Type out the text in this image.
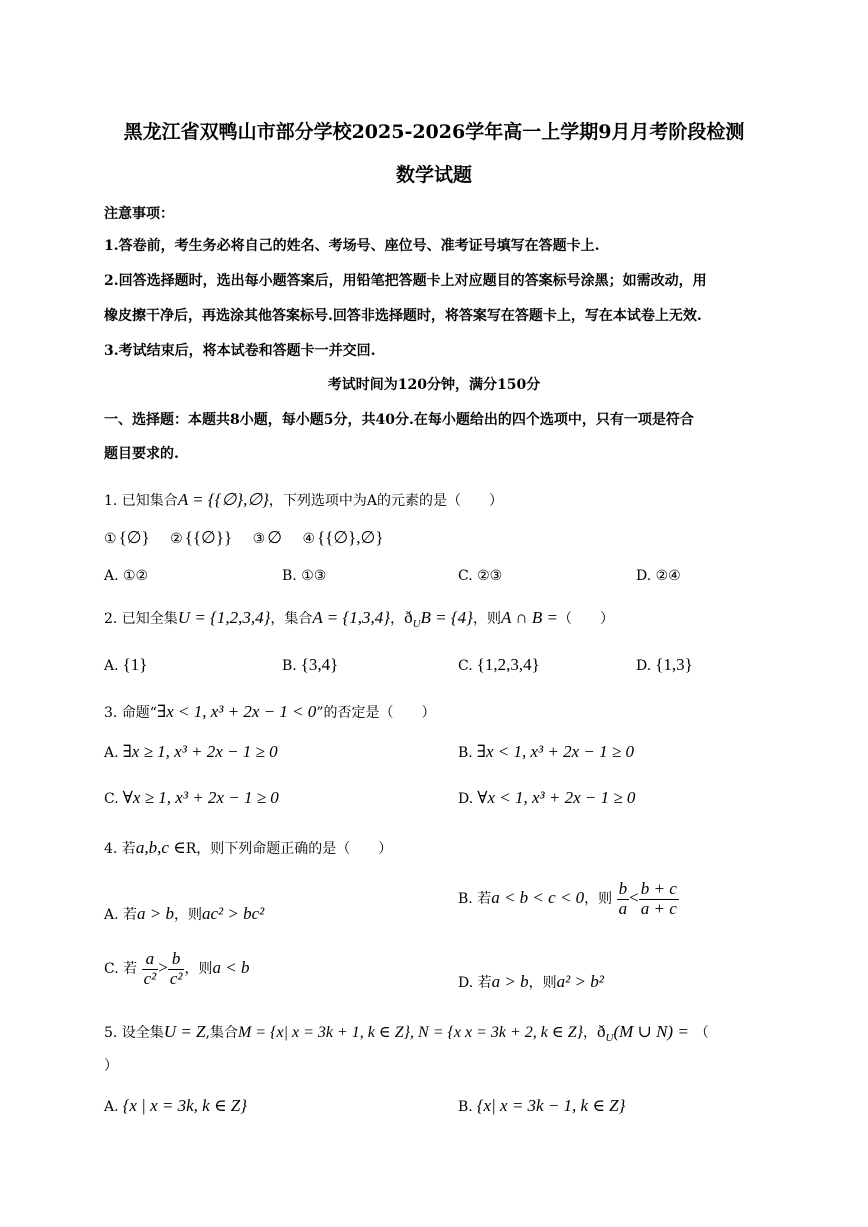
黑龙江省双鸭山市部分学校2025-2026学年高一上学期9月月考阶段检测
数学试题
注意事项：
1.答卷前，考生务必将自己的姓名、考场号、座位号、准考证号填写在答题卡上.
2.回答选择题时，选出每小题答案后，用铅笔把答题卡上对应题目的答案标号涂黑；如需改动，用
橡皮擦干净后，再选涂其他答案标号.回答非选择题时，将答案写在答题卡上，写在本试卷上无效.
3.考试结束后，将本试卷和答题卡一并交回.
考试时间为120分钟，满分150分
一、选择题：本题共8小题，每小题5分，共40分.在每小题给出的四个选项中，只有一项是符合
题目要求的.
1. 已知集合A = {{∅},∅}，下列选项中为A的元素的是（　　）
① {∅} ② {{∅}} ③ ∅ ④ {{∅},∅}
A. ①②	B. ①③	C. ②③	D. ②④
2. 已知全集U = {1,2,3,4}，集合A = {1,3,4}，$ð_UB = \{4\}$，则A ∩ B =（　　）
A. {1}	B. {3,4}	C. {1,2,3,4}	D. {1,3}
3. 命题“∃x < 1, x³ + 2x − 1 < 0”的否定是（　　）
A. ∃x ≥ 1, x³ + 2x − 1 ≥ 0	B. ∃x < 1, x³ + 2x − 1 ≥ 0
C. ∀x ≥ 1, x³ + 2x − 1 ≥ 0	D. ∀x < 1, x³ + 2x − 1 ≥ 0
4. 若a,b,c ∈R，则下列命题正确的是（　　）
A. 若a > b，则ac² > bc²
B. 若a < b < c < 0，则 $\frac{b}{a} < \frac{b + c}{a + c}$
C. 若 $\frac{a}{\text{c²}} > \frac{b}{\text{c²}}$ ，则a < b
D. 若a > b，则a² > b²
5. 设全集U = Z,集合M = {x| x = 3k + 1, k ∈ Z}, N = {x x = 3k + 2, k ∈ Z}，$ð_U(M$ ∪ N) = （
）
A. {x | x = 3k, k ∈ Z}	B. {x| x = 3k − 1, k ∈ Z}
